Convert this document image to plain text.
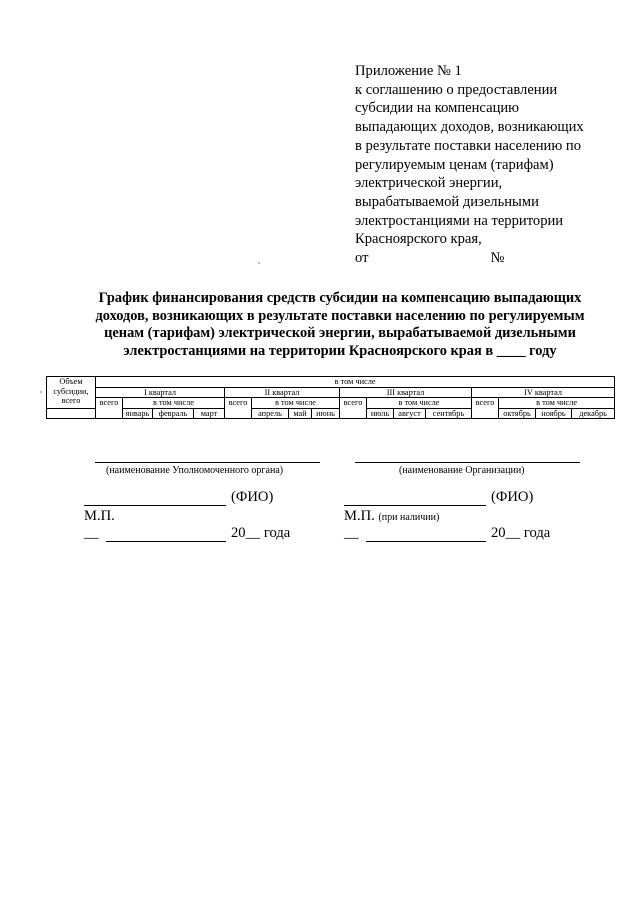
Приложение № 1
к соглашению о предоставлении
субсидии на компенсацию
выпадающих доходов, возникающих
в результате поставки населению по
регулируемым ценам (тарифам)
электрической энергии,
вырабатываемой дизельными
электростанциями на территории
Красноярского края,
от	№
График финансирования средств субсидии на компенсацию выпадающих
доходов, возникающих в результате поставки населению по регулируемым
ценам (тарифам) электрической энергии, вырабатываемой дизельными
электростанциями на территории Красноярского края в ____ году
Объем субсидии, всего	в том числе															
	I квартал				II квартал				III квартал				IV квартал			
	всего	в том числе			всего	в том числе			всего	в том числе			всего	в том числе		
		январь	февраль	март		апрель	май	июнь		июль	август	сентябрь		октябрь	ноябрь	декабрь
(наименование Уполномоченного органа)	(наименование Организации)
(ФИО)	(ФИО)
М.П.	М.П. (при наличии)
__	20__ года	__	20__ года
